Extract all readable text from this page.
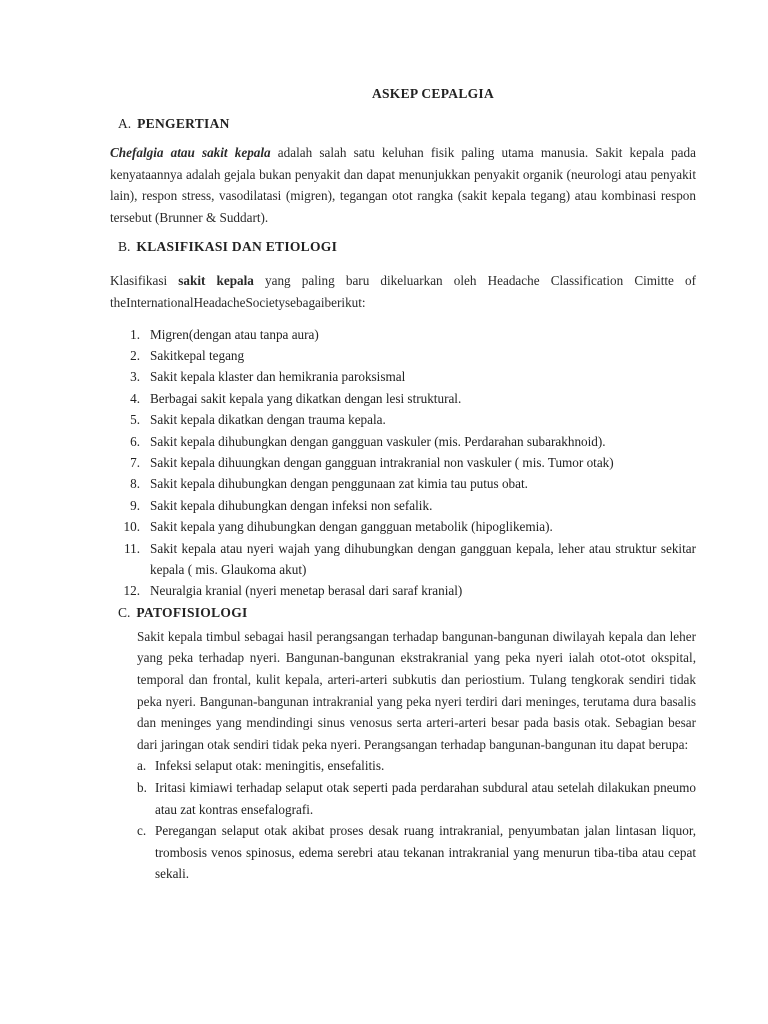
ASKEP CEPALGIA
A. PENGERTIAN

Chefalgia atau sakit kepala adalah salah satu keluhan fisik paling utama manusia. Sakit kepala pada kenyataannya adalah gejala bukan penyakit dan dapat menunjukkan penyakit organik (neurologi atau penyakit lain), respon stress, vasodilatasi (migren), tegangan otot rangka (sakit kepala tegang) atau kombinasi respon tersebut (Brunner & Suddart).

B. KLASIFIKASI DAN ETIOLOGI

Klasifikasi sakit kepala yang paling baru dikeluarkan oleh Headache Classification Cimitte of theInternationalHeadacheSocietysebagaiberikut:

1. Migren(dengan atau tanpa aura)
2. Sakitkepal tegang
3. Sakit kepala klaster dan hemikrania paroksismal
4. Berbagai sakit kepala yang dikatkan dengan lesi struktural.
5. Sakit kepala dikatkan dengan trauma kepala.
6. Sakit kepala dihubungkan dengan gangguan vaskuler (mis. Perdarahan subarakhnoid).
7. Sakit kepala dihuungkan dengan gangguan intrakranial non vaskuler ( mis. Tumor otak)
8. Sakit kepala dihubungkan dengan penggunaan zat kimia tau putus obat.
9. Sakit kepala dihubungkan dengan infeksi non sefalik.
10. Sakit kepala yang dihubungkan dengan gangguan metabolik (hipoglikemia).
11. Sakit kepala atau nyeri wajah yang dihubungkan dengan gangguan kepala, leher atau struktur sekitar kepala ( mis. Glaukoma akut)
12. Neuralgia kranial (nyeri menetap berasal dari saraf kranial)
C. PATOFISIOLOGI

Sakit kepala timbul sebagai hasil perangsangan terhadap bangunan-bangunan diwilayah kepala dan leher yang peka terhadap nyeri. Bangunan-bangunan ekstrakranial yang peka nyeri ialah otot-otot okspital, temporal dan frontal, kulit kepala, arteri-arteri subkutis dan periostium. Tulang tengkorak sendiri tidak peka nyeri. Bangunan-bangunan intrakranial yang peka nyeri terdiri dari meninges, terutama dura basalis dan meninges yang mendindingi sinus venosus serta arteri-arteri besar pada basis otak. Sebagian besar dari jaringan otak sendiri tidak peka nyeri. Perangsangan terhadap bangunan-bangunan itu dapat berupa:

a. Infeksi selaput otak: meningitis, ensefalitis.
b. Iritasi kimiawi terhadap selaput otak seperti pada perdarahan subdural atau setelah dilakukan pneumo atau zat kontras ensefalografi.
c. Peregangan selaput otak akibat proses desak ruang intrakranial, penyumbatan jalan lintasan liquor, trombosis venos spinosus, edema serebri atau tekanan intrakranial yang menurun tiba-tiba atau cepat sekali.
